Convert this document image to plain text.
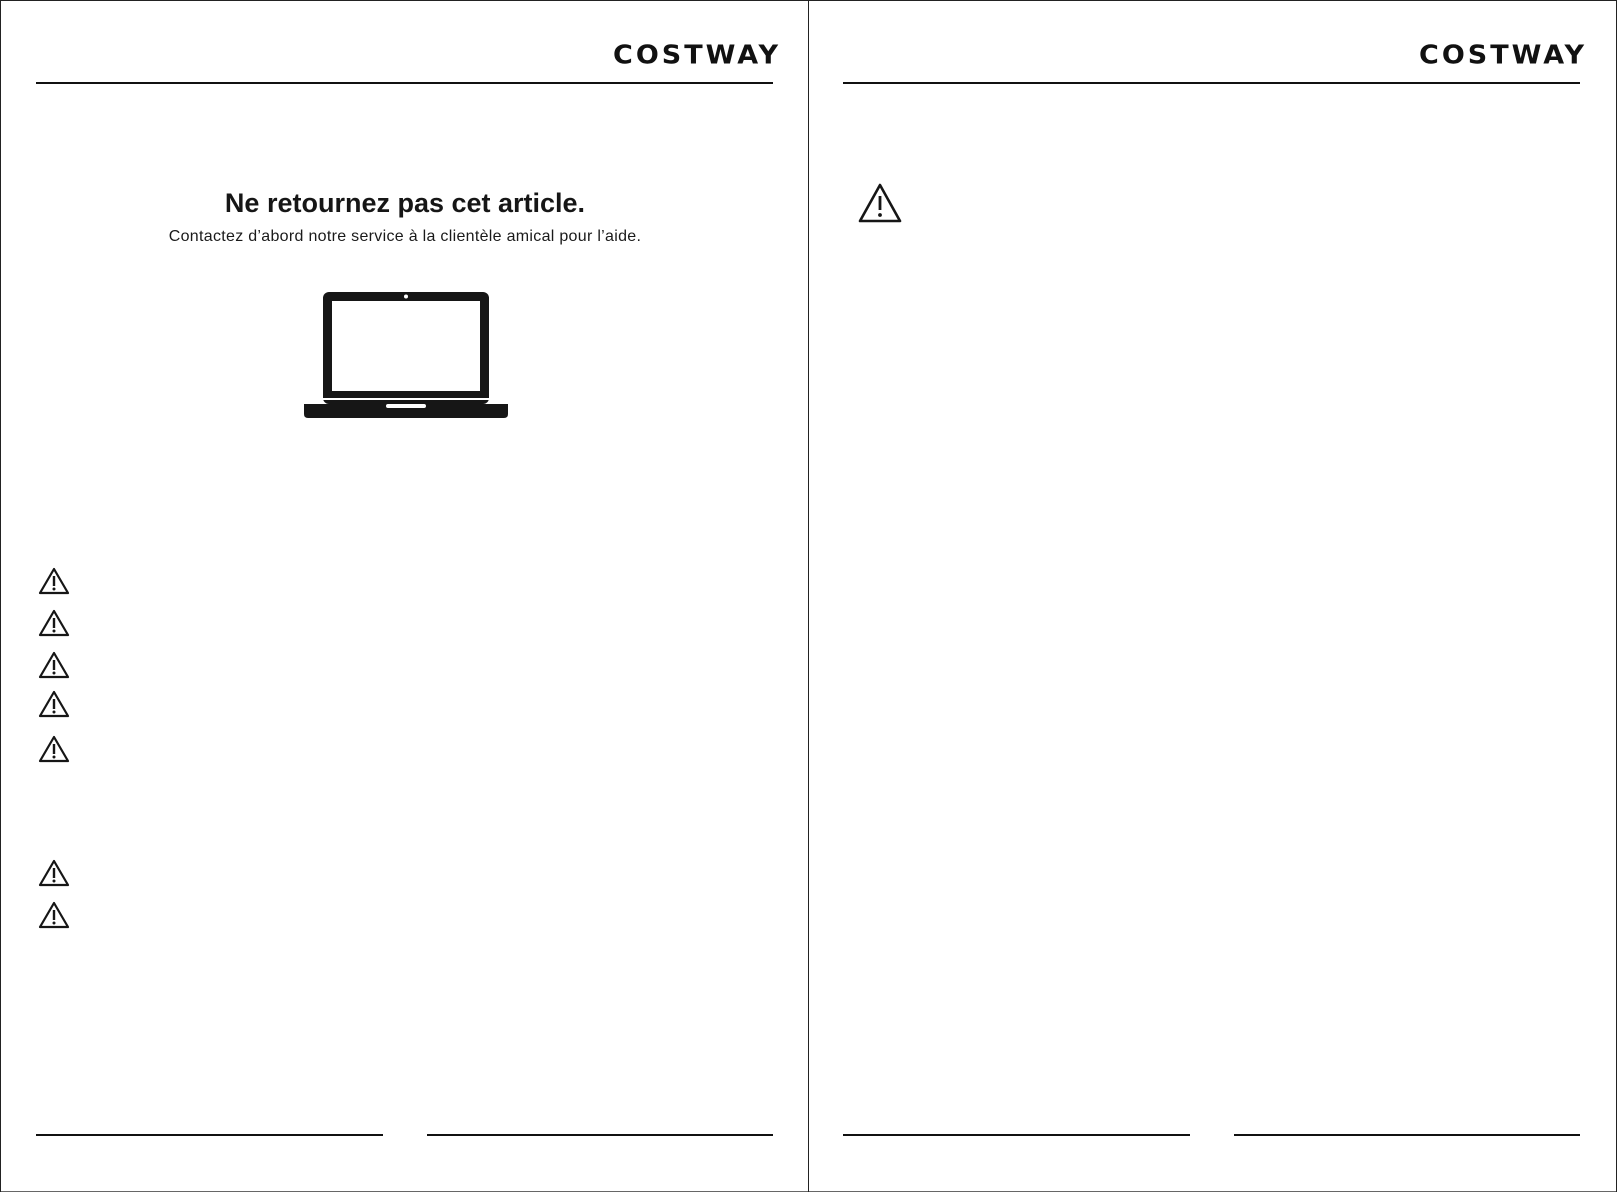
COSTWAY
Ne retournez pas cet article.
Contactez d’abord notre service à la clientèle amical pour l’aide.
COSTWAY
